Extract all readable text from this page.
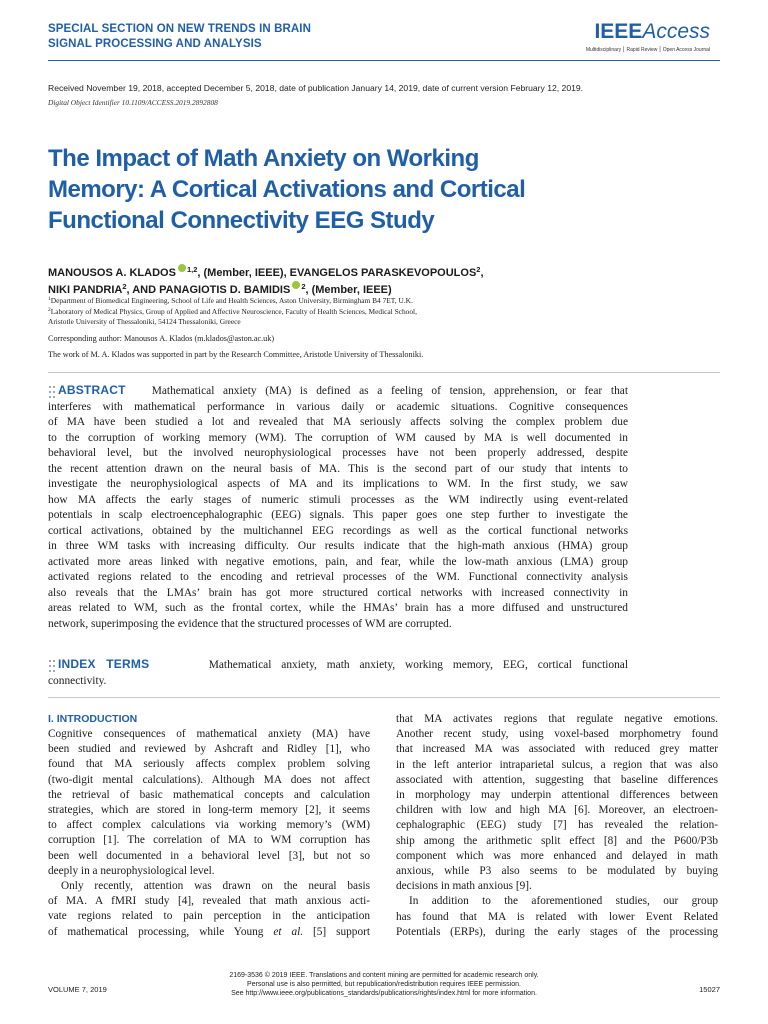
SPECIAL SECTION ON NEW TRENDS IN BRAIN
SIGNAL PROCESSING AND ANALYSIS
IEEEAccess
Multidisciplinary ⎮ Rapid Review ⎮ Open Access Journal
Received November 19, 2018, accepted December 5, 2018, date of publication January 14, 2019, date of current version February 12, 2019.
Digital Object Identifier 10.1109/ACCESS.2019.2892808
The Impact of Math Anxiety on Working
Memory: A Cortical Activations and Cortical
Functional Connectivity EEG Study
MANOUSOS A. KLADOS $^{1,2}$, (Member, IEEE), EVANGELOS PARASKEVOPOULOS$^2$,
NIKI PANDRIA$^2$, AND PANAGIOTIS D. BAMIDIS $^2$, (Member, IEEE)
$^1$Department of Biomedical Engineering, School of Life and Health Sciences, Aston University, Birmingham B4 7ET, U.K.
$^2$Laboratory of Medical Physics, Group of Applied and Affective Neuroscience, Faculty of Health Sciences, Medical School,
Aristotle University of Thessaloniki, 54124 Thessaloniki, Greece
Corresponding author: Manousos A. Klados (m.klados@aston.ac.uk)
The work of M. A. Klados was supported in part by the Research Committee, Aristotle University of Thessaloniki.
ABSTRACT Mathematical anxiety (MA) is defined as a feeling of tension, apprehension, or fear that
interferes with mathematical performance in various daily or academic situations. Cognitive consequences
of MA have been studied a lot and revealed that MA seriously affects solving the complex problem due
to the corruption of working memory (WM). The corruption of WM caused by MA is well documented in
behavioral level, but the involved neurophysiological processes have not been properly addressed, despite
the recent attention drawn on the neural basis of MA. This is the second part of our study that intents to
investigate the neurophysiological aspects of MA and its implications to WM. In the first study, we saw
how MA affects the early stages of numeric stimuli processes as the WM indirectly using event-related
potentials in scalp electroencephalographic (EEG) signals. This paper goes one step further to investigate the
cortical activations, obtained by the multichannel EEG recordings as well as the cortical functional networks
in three WM tasks with increasing difficulty. Our results indicate that the high-math anxious (HMA) group
activated more areas linked with negative emotions, pain, and fear, while the low-math anxious (LMA) group
activated regions related to the encoding and retrieval processes of the WM. Functional connectivity analysis
also reveals that the LMAs’ brain has got more structured cortical networks with increased connectivity in
areas related to WM, such as the frontal cortex, while the HMAs’ brain has a more diffused and unstructured
network, superimposing the evidence that the structured processes of WM are corrupted.
INDEX TERMS	Mathematical anxiety, math anxiety, working memory, EEG, cortical functional
connectivity.
I. INTRODUCTION
Cognitive consequences of mathematical anxiety (MA) have
been studied and reviewed by Ashcraft and Ridley [1], who
found that MA seriously affects complex problem solving
(two-digit mental calculations). Although MA does not affect
the retrieval of basic mathematical concepts and calculation
strategies, which are stored in long-term memory [2], it seems
to affect complex calculations via working memory’s (WM)
corruption [1]. The correlation of MA to WM corruption has
been well documented in a behavioral level [3], but not so
deeply in a neurophysiological level.
Only recently, attention was drawn on the neural basis
of MA. A fMRI study [4], revealed that math anxious acti-
vate regions related to pain perception in the anticipation
of mathematical processing, while Young et al. [5] support
that MA activates regions that regulate negative emotions.
Another recent study, using voxel-based morphometry found
that increased MA was associated with reduced grey matter
in the left anterior intraparietal sulcus, a region that was also
associated with attention, suggesting that baseline differences
in morphology may underpin attentional differences between
children with low and high MA [6]. Moreover, an electroen-
cephalographic (EEG) study [7] has revealed the relation-
ship among the arithmetic split effect [8] and the P600/P3b
component which was more enhanced and delayed in math
anxious, while P3 also seems to be modulated by buying
decisions in math anxious [9].
In addition to the aforementioned studies, our group
has found that MA is related with lower Event Related
Potentials (ERPs), during the early stages of the processing
VOLUME 7, 2019
2169-3536 © 2019 IEEE. Translations and content mining are permitted for academic research only.
Personal use is also permitted, but republication/redistribution requires IEEE permission.
See http://www.ieee.org/publications_standards/publications/rights/index.html for more information.	15027
